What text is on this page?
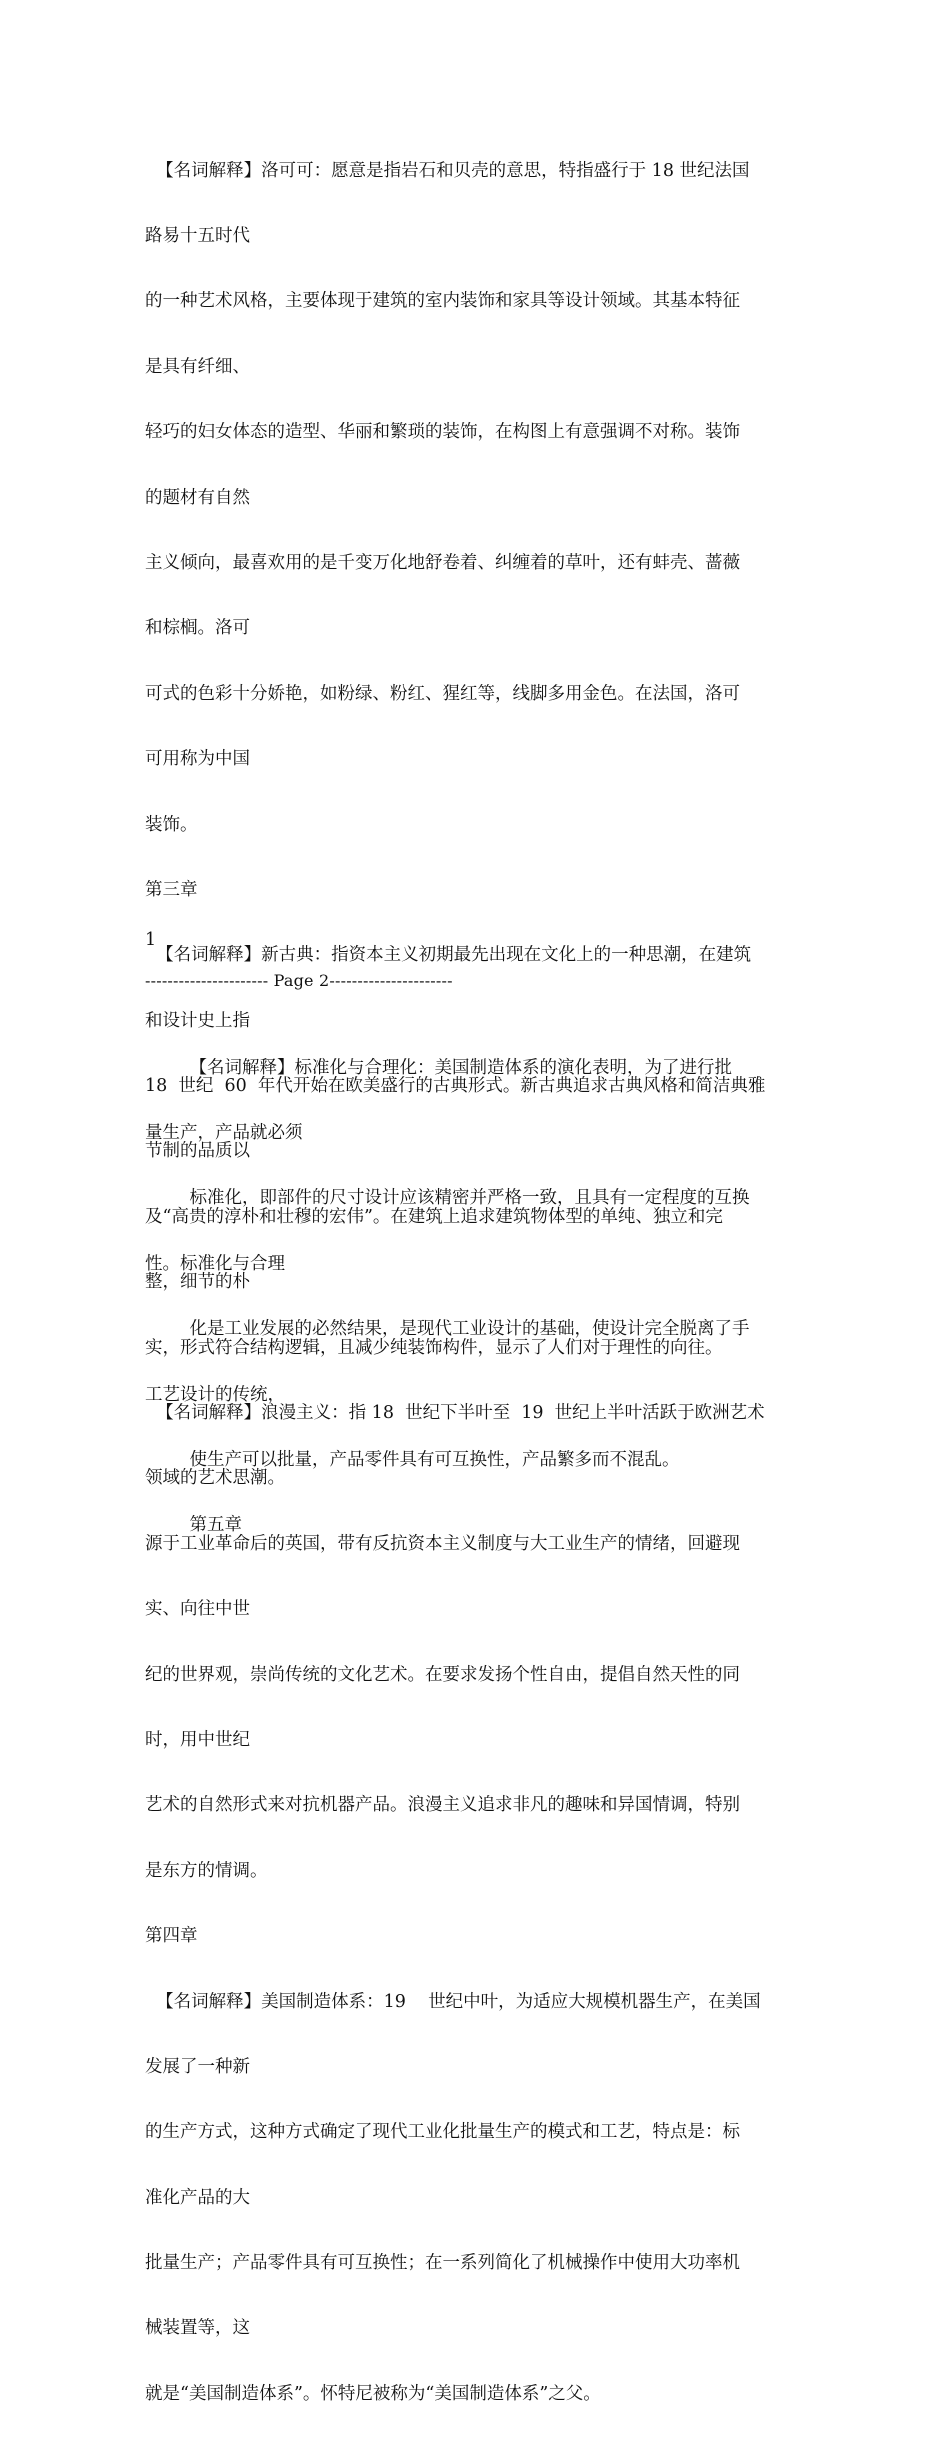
【名词解释】洛可可：愿意是指岩石和贝壳的意思，特指盛行于 18 世纪法国

路易十五时代

的一种艺术风格，主要体现于建筑的室内装饰和家具等设计领域。其基本特征

是具有纤细、

轻巧的妇女体态的造型、华丽和繁琐的装饰，在构图上有意强调不对称。装饰

的题材有自然

主义倾向，最喜欢用的是千变万化地舒卷着、纠缠着的草叶，还有蚌壳、蔷薇

和棕榈。洛可

可式的色彩十分娇艳，如粉绿、粉红、猩红等，线脚多用金色。在法国，洛可

可用称为中国

装饰。

第三章

【名词解释】新古典：指资本主义初期最先出现在文化上的一种思潮，在建筑

和设计史上指

18  世纪  60  年代开始在欧美盛行的古典形式。新古典追求古典风格和简洁典雅

节制的品质以

及“高贵的淳朴和壮穆的宏伟”。在建筑上追求建筑物体型的单纯、独立和完

整，细节的朴

实，形式符合结构逻辑，且减少纯装饰构件，显示了人们对于理性的向往。

【名词解释】浪漫主义：指 18  世纪下半叶至  19  世纪上半叶活跃于欧洲艺术

领域的艺术思潮。

源于工业革命后的英国，带有反抗资本主义制度与大工业生产的情绪，回避现

实、向往中世

纪的世界观，崇尚传统的文化艺术。在要求发扬个性自由，提倡自然天性的同

时，用中世纪

艺术的自然形式来对抗机器产品。浪漫主义追求非凡的趣味和异国情调，特别

是东方的情调。

第四章

【名词解释】美国制造体系：19    世纪中叶，为适应大规模机器生产，在美国

发展了一种新

的生产方式，这种方式确定了现代工业化批量生产的模式和工艺，特点是：标

准化产品的大

批量生产；产品零件具有可互换性；在一系列简化了机械操作中使用大功率机

械装置等，这

就是“美国制造体系”。怀特尼被称为“美国制造体系”之父。

1
---------------------- Page 2----------------------

【名词解释】标准化与合理化：美国制造体系的演化表明，为了进行批

量生产，产品就必须

标准化，即部件的尺寸设计应该精密并严格一致，且具有一定程度的互换

性。标准化与合理

化是工业发展的必然结果，是现代工业设计的基础，使设计完全脱离了手

工艺设计的传统，

使生产可以批量，产品零件具有可互换性，产品繁多而不混乱。

第五章
